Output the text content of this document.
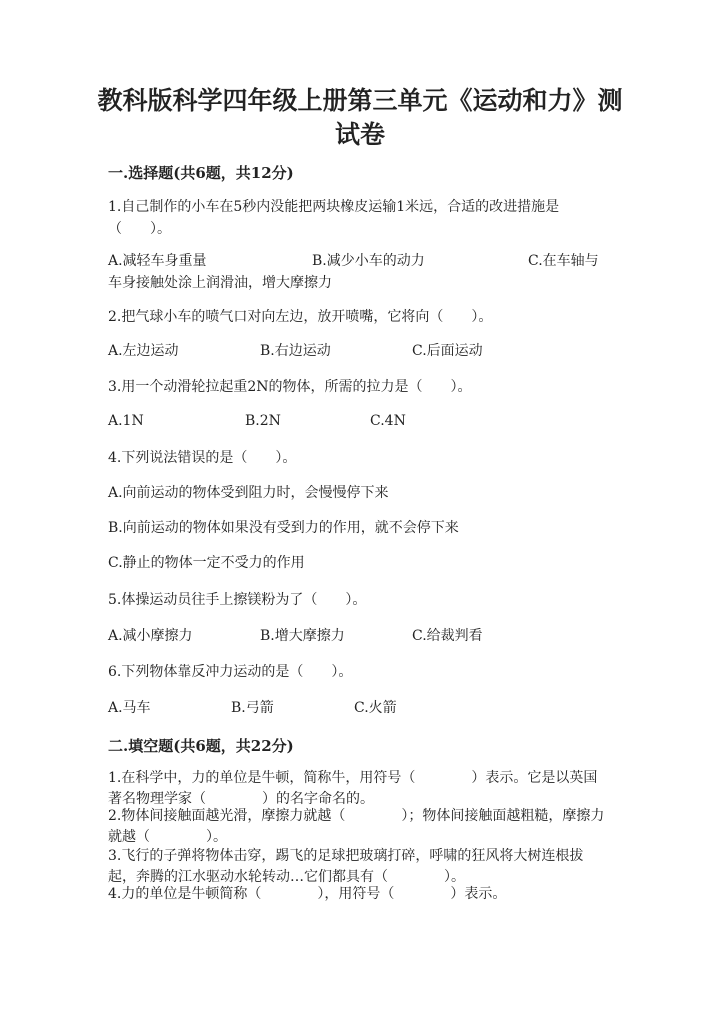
教科版科学四年级上册第三单元《运动和力》测试卷
一.选择题(共6题，共12分)
1.自己制作的小车在5秒内没能把两块橡皮运输1米远，合适的改进措施是（　　）。
A.减轻车身重量	B.减少小车的动力	C.在车轴与车身接触处涂上润滑油，增大摩擦力
2.把气球小车的喷气口对向左边，放开喷嘴，它将向（　　）。
A.左边运动	B.右边运动	C.后面运动
3.用一个动滑轮拉起重2N的物体，所需的拉力是（　　）。
A.1N	B.2N	C.4N
4.下列说法错误的是（　　）。
A.向前运动的物体受到阻力时，会慢慢停下来
B.向前运动的物体如果没有受到力的作用，就不会停下来
C.静止的物体一定不受力的作用
5.体操运动员往手上擦镁粉为了（　　）。
A.减小摩擦力	B.增大摩擦力	C.给裁判看
6.下列物体靠反冲力运动的是（　　）。
A.马车	B.弓箭	C.火箭
二.填空题(共6题，共22分)
1.在科学中，力的单位是牛顿，简称牛，用符号（　　　　）表示。它是以英国著名物理学家（　　　　）的名字命名的。
2.物体间接触面越光滑，摩擦力就越（　　　　）；物体间接触面越粗糙，摩擦力就越（　　　　）。
3.飞行的子弹将物体击穿，踢飞的足球把玻璃打碎，呼啸的狂风将大树连根拔起，奔腾的江水驱动水轮转动…它们都具有（　　　　）。
4.力的单位是牛顿简称（　　　　），用符号（　　　　）表示。
